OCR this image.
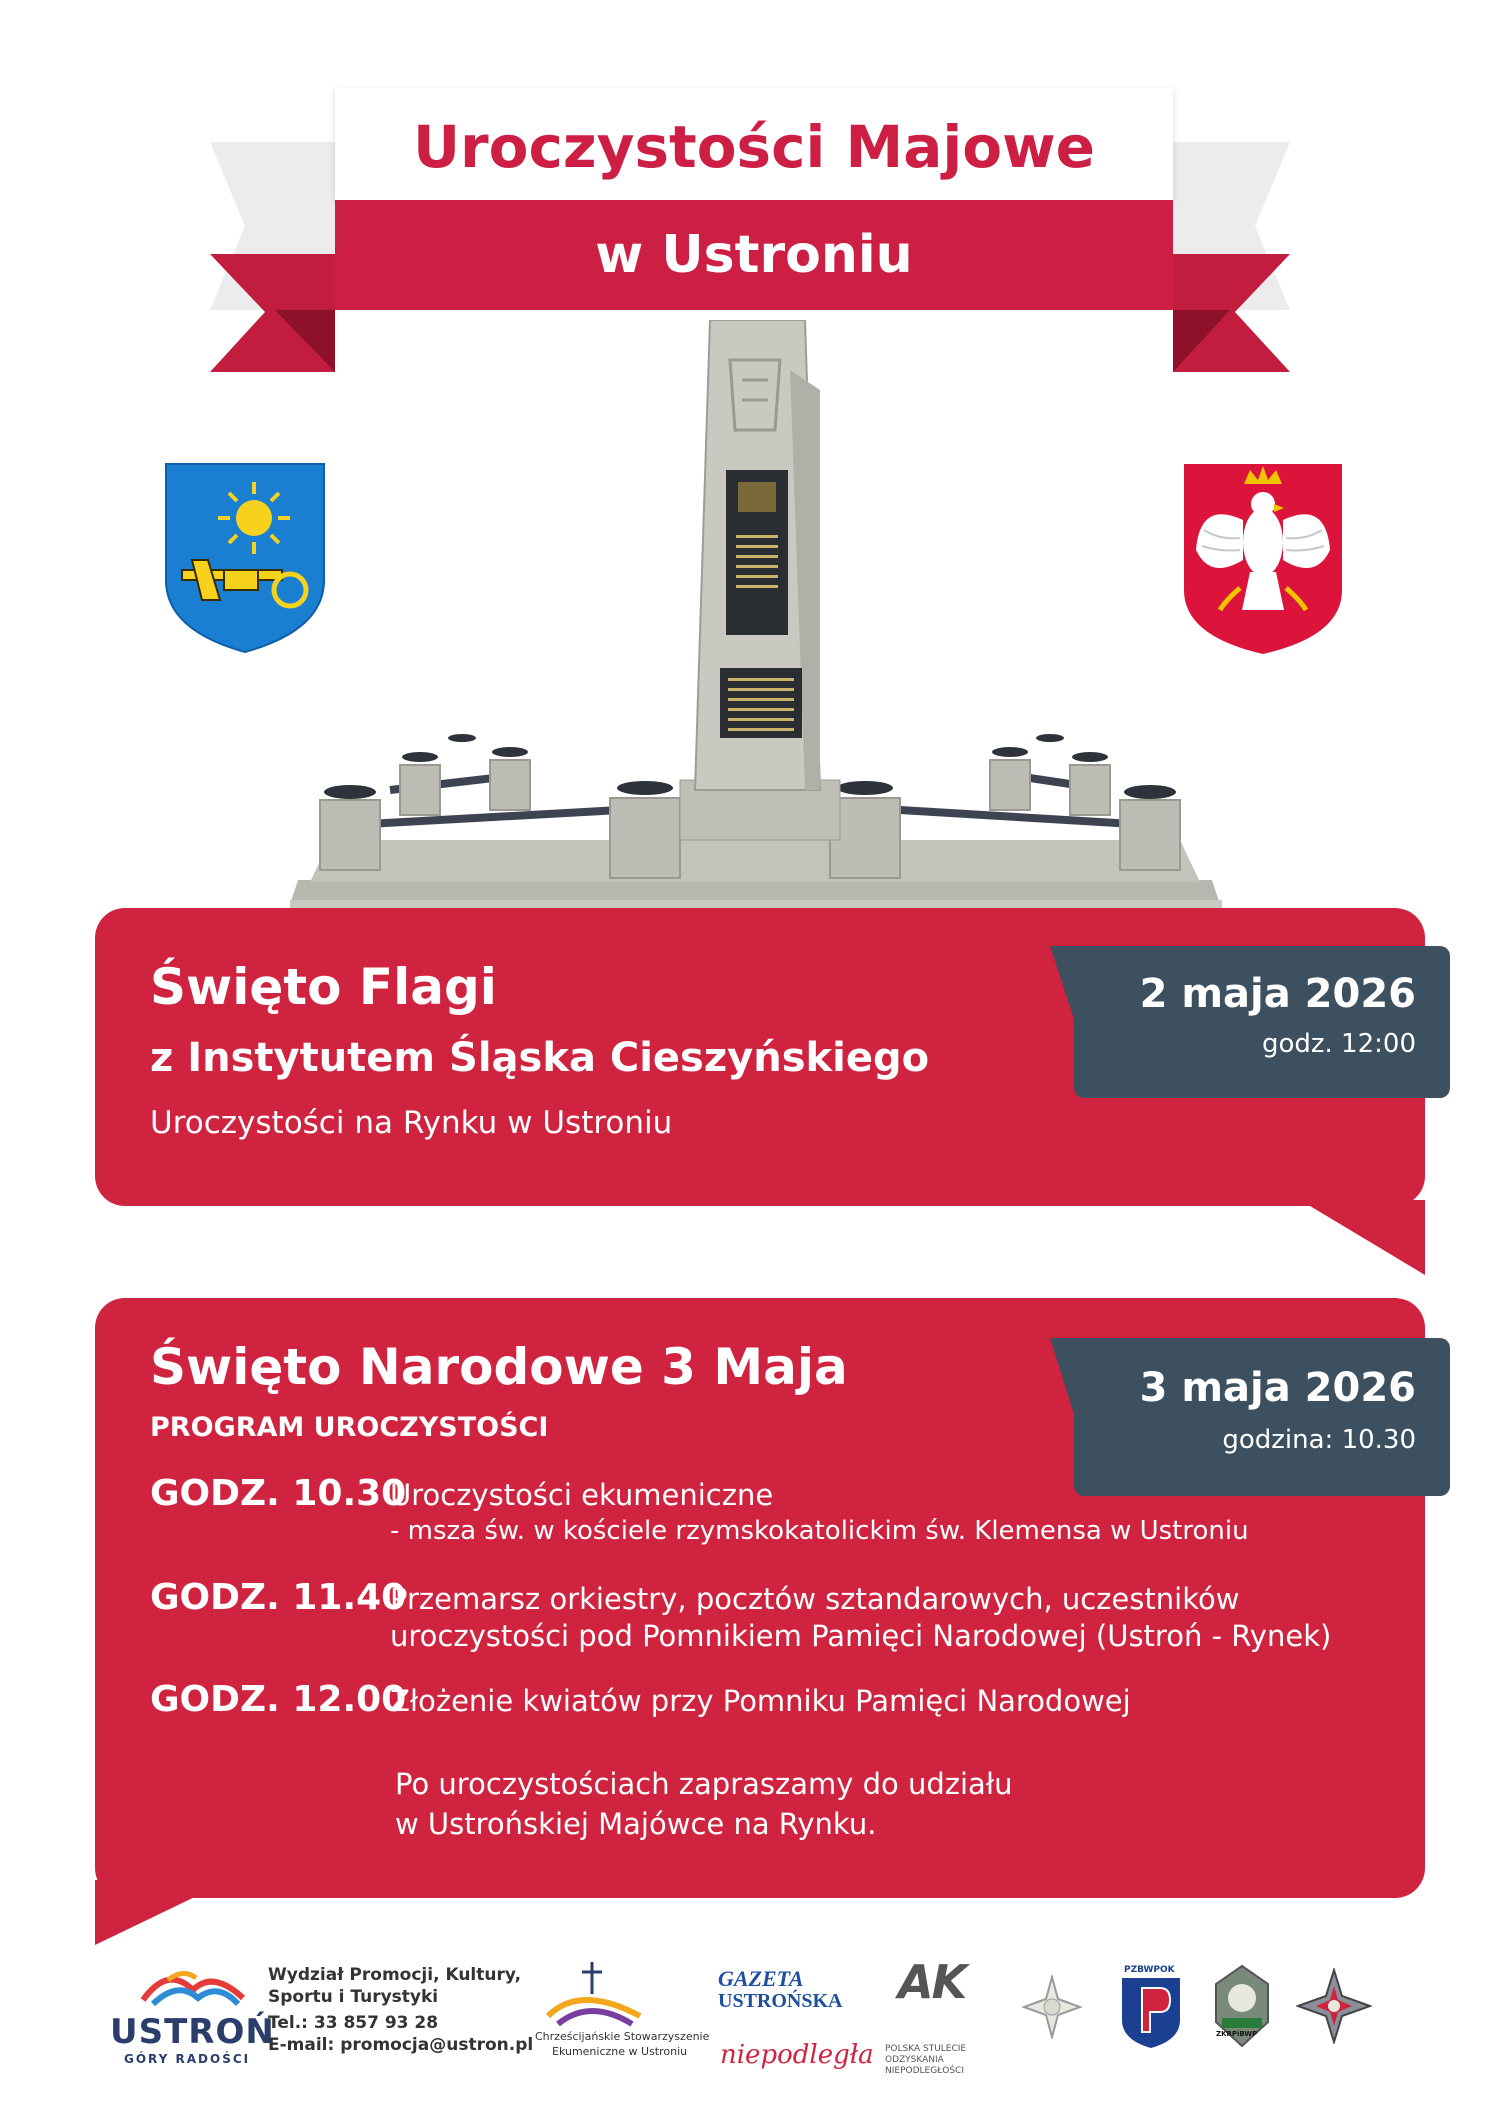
Uroczystości Majowe
w Ustroniu
2 maja 2026
godz. 12:00
Święto Flagi
z Instytutem Śląska Cieszyńskiego
Uroczystości na Rynku w Ustroniu
3 maja 2026
godzina: 10.30
Święto Narodowe 3 Maja
PROGRAM UROCZYSTOŚCI
GODZ. 10.30
Uroczystości ekumeniczne
- msza św. w kościele rzymskokatolickim św. Klemensa w Ustroniu
GODZ. 11.40
Przemarsz orkiestry, pocztów sztandarowych, uczestników
uroczystości pod Pomnikiem Pamięci Narodowej (Ustroń - Rynek)
GODZ. 12.00
Złożenie kwiatów przy Pomniku Pamięci Narodowej
Po uroczystościach zapraszamy do udziału
w Ustrońskiej Majówce na Rynku.
USTROŃ
GÓRY RADOŚCI
Wydział Promocji, Kultury,
Sportu i Turystyki
Tel.: 33 857 93 28
E-mail: promocja@ustron.pl Chrześcijańskie Stowarzyszenie
Ekumeniczne w Ustroniu
GAZETA
USTROŃSKA
niepodległa POLSKA STULECIE ODZYSKANIA NIEPODLEGŁOŚCI
AK	PZBWPOK
ZKRPiBWP
